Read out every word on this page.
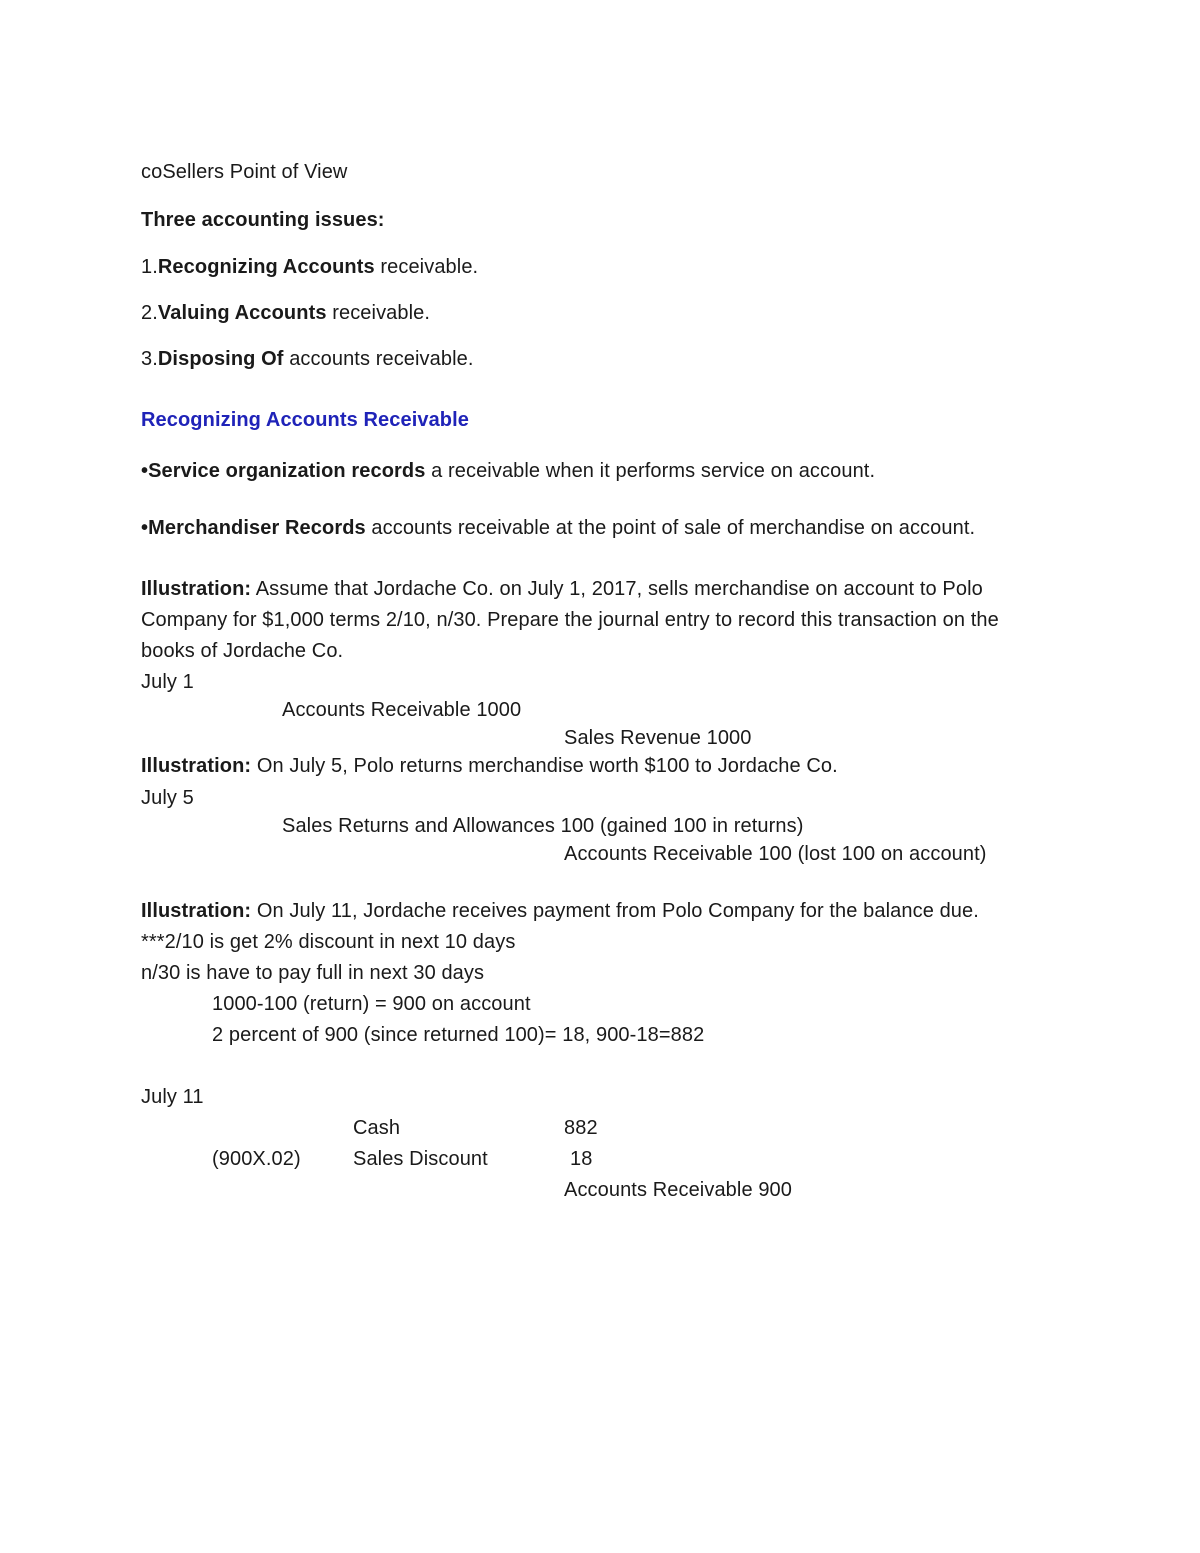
coSellers Point of View
Three accounting issues:
1.Recognizing Accounts receivable.
2.Valuing Accounts receivable.
3.Disposing Of accounts receivable.
Recognizing Accounts Receivable
•Service organization records a receivable when it performs service on account.
•Merchandiser Records accounts receivable at the point of sale of merchandise on account.
Illustration: Assume that Jordache Co. on July 1, 2017, sells merchandise on account to Polo
Company for $1,000 terms 2/10, n/30. Prepare the journal entry to record this transaction on the
books of Jordache Co.
July 1
Accounts Receivable 1000
Sales Revenue 1000
Illustration: On July 5, Polo returns merchandise worth $100 to Jordache Co.
July 5
Sales Returns and Allowances 100 (gained 100 in returns)
Accounts Receivable 100 (lost 100 on account)
Illustration: On July 11, Jordache receives payment from Polo Company for the balance due.
***2/10 is get 2% discount in next 10 days
n/30 is have to pay full in next 30 days
1000-100 (return) = 900 on account
2 percent of 900 (since returned 100)= 18, 900-18=882
July 11
Cash	882
(900X.02)	Sales Discount	18
Accounts Receivable 900
